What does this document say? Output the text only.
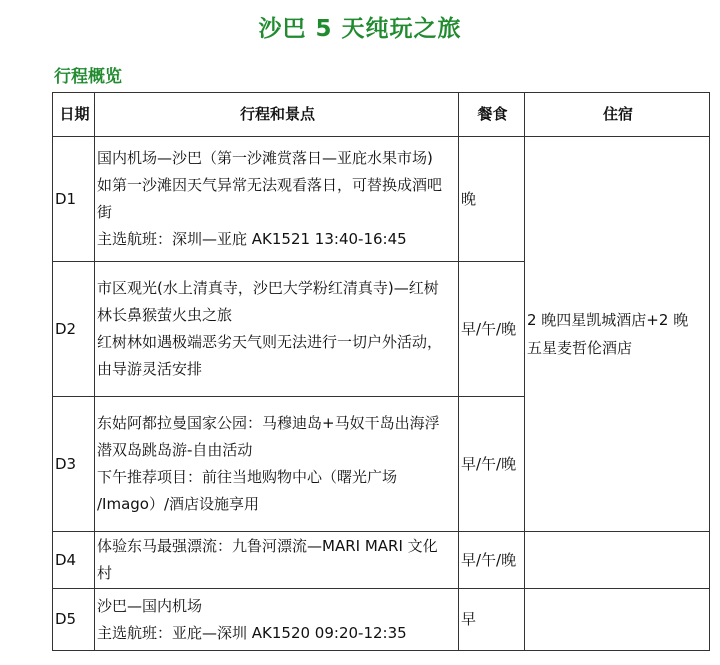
沙巴 5 天纯玩之旅
行程概览
日期	行程和景点	餐食	住宿
D1	国内机场—沙巴（第一沙滩赏落日—亚庇水果市场)
如第一沙滩因天气异常无法观看落日，可替换成酒吧
街
主选航班：深圳—亚庇 AK1521 13:40-16:45	晚	2 晚四星凯城酒店+2 晚
五星麦哲伦酒店

D2	市区观光(水上清真寺，沙巴大学粉红清真寺)—红树
林长鼻猴萤火虫之旅
红树林如遇极端恶劣天气则无法进行一切户外活动，
由导游灵活安排	早/午/晚	
D3	东姑阿都拉曼国家公园：马穆迪岛+马奴干岛出海浮
潜双岛跳岛游-自由活动
下午推荐项目：前往当地购物中心（曙光广场
/Imago）/酒店设施享用	早/午/晚	
D4	体验东马最强漂流：九鲁河漂流—MARI MARI 文化
村	早/午/晚	
D5	沙巴—国内机场
主选航班：亚庇—深圳 AK1520 09:20-12:35	早	
